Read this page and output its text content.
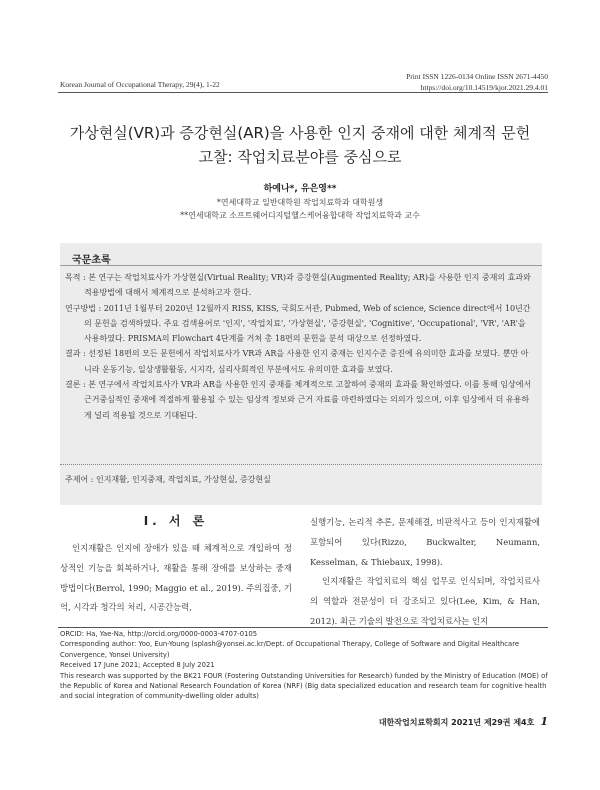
Korean Journal of Occupational Therapy, 29(4), 1-22
Print ISSN 1226-0134 Online ISSN 2671-4450
https://doi.org/10.14519/kjot.2021.29.4.01
가상현실(VR)과 증강현실(AR)을 사용한 인지 중재에 대한 체계적 문헌
고찰: 작업치료분야를 중심으로
하예나*, 유은영**
*연세대학교 일반대학원 작업치료학과 대학원생
**연세대학교 소프트웨어디지털헬스케어융합대학 작업치료학과 교수
국문초록

목적 : 본 연구는 작업치료사가 가상현실(Virtual Reality; VR)과 증강현실(Augmented Reality; AR)을 사용한 인지 중재의 효과와 적용방법에 대해서 체계적으로 분석하고자 한다.

연구방법 : 2011년 1월부터 2020년 12월까지 RISS, KISS, 국회도서관, Pubmed, Web of science, Science direct에서 10년간의 문헌을 검색하였다. 주요 검색용어로 '인지', '작업치료', '가상현실', '증강현실', 'Cognitive', 'Occupational', 'VR', 'AR'을 사용하였다. PRISMA의 Flowchart 4단계를 거쳐 총 18편의 문헌을 분석 대상으로 선정하였다.

결과 : 선정된 18편의 모든 문헌에서 작업치료사가 VR과 AR을 사용한 인지 중재는 인지수준 증진에 유의미한 효과를 보였다. 뿐만 아니라 운동기능, 일상생활활동, 시지각, 심리사회적인 부분에서도 유의미한 효과를 보였다.

결론 : 본 연구에서 작업치료사가 VR과 AR을 사용한 인지 중재를 체계적으로 고찰하여 중재의 효과를 확인하였다. 이를 통해 임상에서 근거중심적인 중재에 적절하게 활용될 수 있는 임상적 정보와 근거 자료를 마련하였다는 의의가 있으며, 이후 임상에서 더 유용하게 널리 적용될 것으로 기대된다.

주제어 : 인지재활, 인지중재, 작업치료, 가상현실, 증강현실
Ⅰ. 서 론

인지재활은 인지에 장애가 있을 때 체계적으로 개입하여 정상적인 기능을 회복하거나, 재활을 통해 장애를 보상하는 중재 방법이다(Berrol, 1990; Maggio et al., 2019). 주의집중, 기억, 시각과 청각의 처리, 시공간능력,

실행기능, 논리적 추론, 문제해결, 비판적사고 등이 인지재활에 포함되어 있다(Rizzo, Buckwalter, Neumann, Kesselman, & Thiebaux, 1998).

인지재활은 작업치료의 핵심 업무로 인식되며, 작업치료사의 역할과 전문성이 더 강조되고 있다(Lee, Kim, & Han, 2012). 최근 기술의 발전으로 작업치료사는 인지

ORCID: Ha, Yae-Na, http://orcid.org/0000-0003-4707-0105
Corresponding author: Yoo, Eun-Young (splash@yonsei.ac.kr/Dept. of Occupational Therapy, College of Software and Digital Healthcare Convergence, Yonsei University)
Received 17 June 2021; Accepted 8 July 2021
This research was supported by the BK21 FOUR (Fostering Outstanding Universities for Research) funded by the Ministry of Education (MOE) of the Republic of Korea and National Research Foundation of Korea (NRF) (Big data specialized education and research team for cognitive health and social integration of community-dwelling older adults)
대한작업치료학회지 2021년 제29권 제4호 1
